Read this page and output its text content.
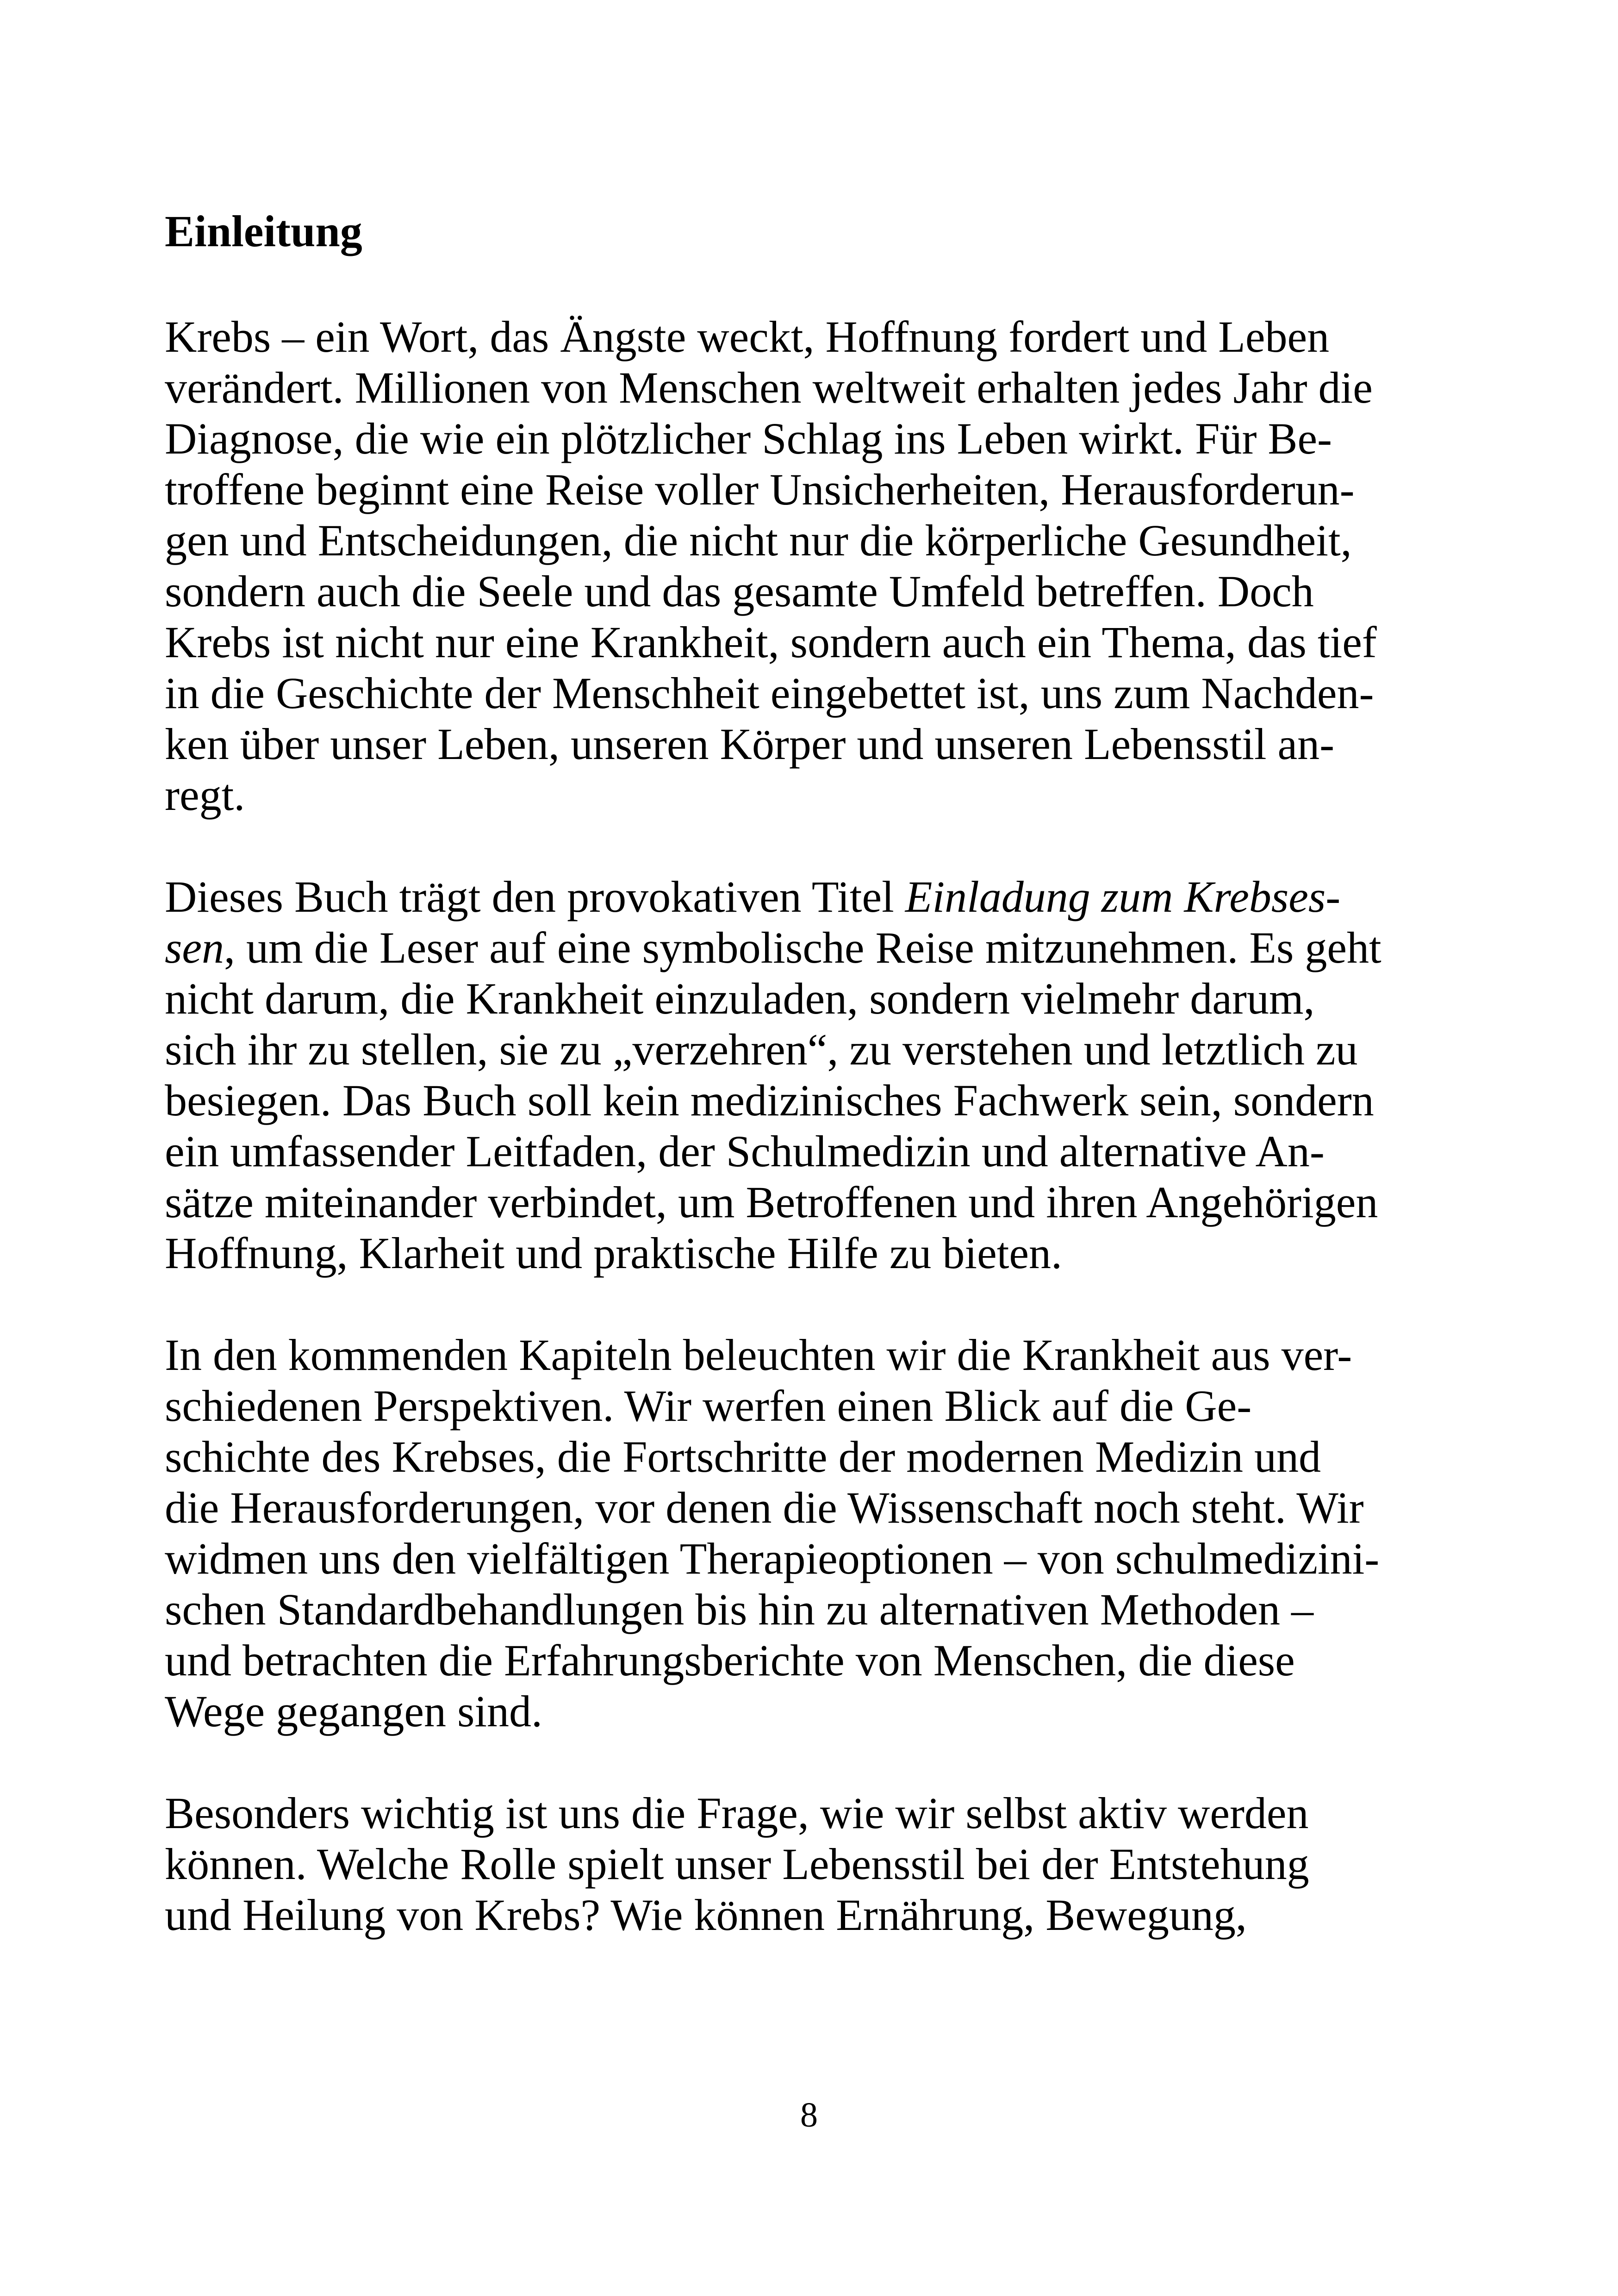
Einleitung
Krebs – ein Wort, das Ängste weckt, Hoffnung fordert und Leben
verändert. Millionen von Menschen weltweit erhalten jedes Jahr die
Diagnose, die wie ein plötzlicher Schlag ins Leben wirkt. Für Be-
troffene beginnt eine Reise voller Unsicherheiten, Herausforderun-
gen und Entscheidungen, die nicht nur die körperliche Gesundheit,
sondern auch die Seele und das gesamte Umfeld betreffen. Doch
Krebs ist nicht nur eine Krankheit, sondern auch ein Thema, das tief
in die Geschichte der Menschheit eingebettet ist, uns zum Nachden-
ken über unser Leben, unseren Körper und unseren Lebensstil an-
regt.
Dieses Buch trägt den provokativen Titel Einladung zum Krebses-
sen, um die Leser auf eine symbolische Reise mitzunehmen. Es geht
nicht darum, die Krankheit einzuladen, sondern vielmehr darum,
sich ihr zu stellen, sie zu „verzehren“, zu verstehen und letztlich zu
besiegen. Das Buch soll kein medizinisches Fachwerk sein, sondern
ein umfassender Leitfaden, der Schulmedizin und alternative An-
sätze miteinander verbindet, um Betroffenen und ihren Angehörigen
Hoffnung, Klarheit und praktische Hilfe zu bieten.
In den kommenden Kapiteln beleuchten wir die Krankheit aus ver-
schiedenen Perspektiven. Wir werfen einen Blick auf die Ge-
schichte des Krebses, die Fortschritte der modernen Medizin und
die Herausforderungen, vor denen die Wissenschaft noch steht. Wir
widmen uns den vielfältigen Therapieoptionen – von schulmedizini-
schen Standardbehandlungen bis hin zu alternativen Methoden –
und betrachten die Erfahrungsberichte von Menschen, die diese
Wege gegangen sind.
Besonders wichtig ist uns die Frage, wie wir selbst aktiv werden
können. Welche Rolle spielt unser Lebensstil bei der Entstehung
und Heilung von Krebs? Wie können Ernährung, Bewegung,
8
